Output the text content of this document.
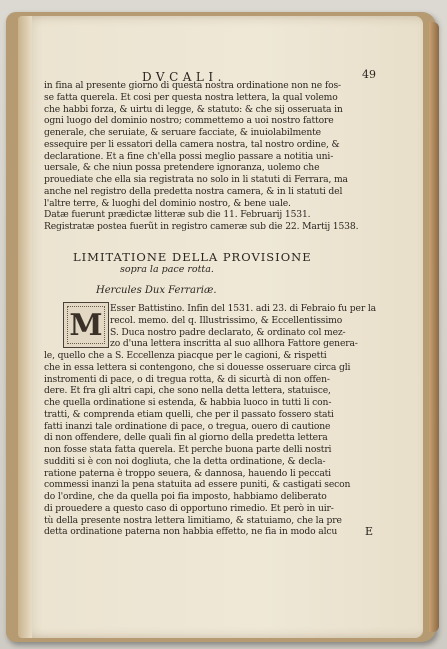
DVCALI.	49
in fina al presente giorno di questa nostra ordinatione non ne fos-
se fatta querela. Et cosi per questa nostra lettera, la qual volemo
che habbi forza, & uirtu di legge, & statuto: & che sij osseruata in
ogni luogo del dominio nostro; commettemo a uoi nostro fattore
generale, che seruiate, & seruare facciate, & inuiolabilmente
essequire per li essatori della camera nostra, tal nostro ordine, &
declaratione. Et a fine ch'ella possi meglio passare a notitia uni-
uersale, & che niun possa pretendere ignoranza, uolemo che
prouediate che ella sia registrata no solo in li statuti di Ferrara, ma
anche nel registro della predetta nostra camera, & in li statuti del
l'altre terre, & luoghi del dominio nostro, & bene uale.
Datæ fuerunt prædictæ litteræ sub die 11. Februarij 1531.
Registratæ postea fuerũt in registro cameræ sub die 22. Martij 1538.
LIMITATIONE DELLA PROVISIONE
sopra la pace rotta.
Hercules Dux Ferrariæ.
M Esser Battistino. Infin del 1531. adi 23. di Febraio fu per la
recol. memo. del q. Illustrissimo, & Eccellentissimo
S. Duca nostro padre declarato, & ordinato col mez-
zo d'una lettera inscritta al suo allhora Fattore genera-
le, quello che a S. Eccellenza piacque per le cagioni, & rispetti
che in essa lettera si contengono, che si douesse osseruare circa gli
instromenti di pace, o di tregua rotta, & di sicurtà di non offen-
dere. Et fra gli altri capi, che sono nella detta lettera, statuisce,
che quella ordinatione si estenda, & habbia luoco in tutti li con-
tratti, & comprenda etiam quelli, che per il passato fossero stati
fatti inanzi tale ordinatione di pace, o tregua, ouero di cautione
di non offendere, delle quali fin al giorno della predetta lettera
non fosse stata fatta querela. Et perche buona parte delli nostri
sudditi si è con noi dogliuta, che la detta ordinatione, & decla-
ratione paterna è troppo seuera, & dannosa, hauendo li peccati
commessi inanzi la pena statuita ad essere puniti, & castigati secon
do l'ordine, che da quella poi fia imposto, habbiamo deliberato
di prouedere a questo caso di opportuno rimedio. Et però in uir-
tù della presente nostra lettera limitiamo, & statuiamo, che la pre
detta ordinatione paterna non habbia effetto, ne fia in modo alcu	E
